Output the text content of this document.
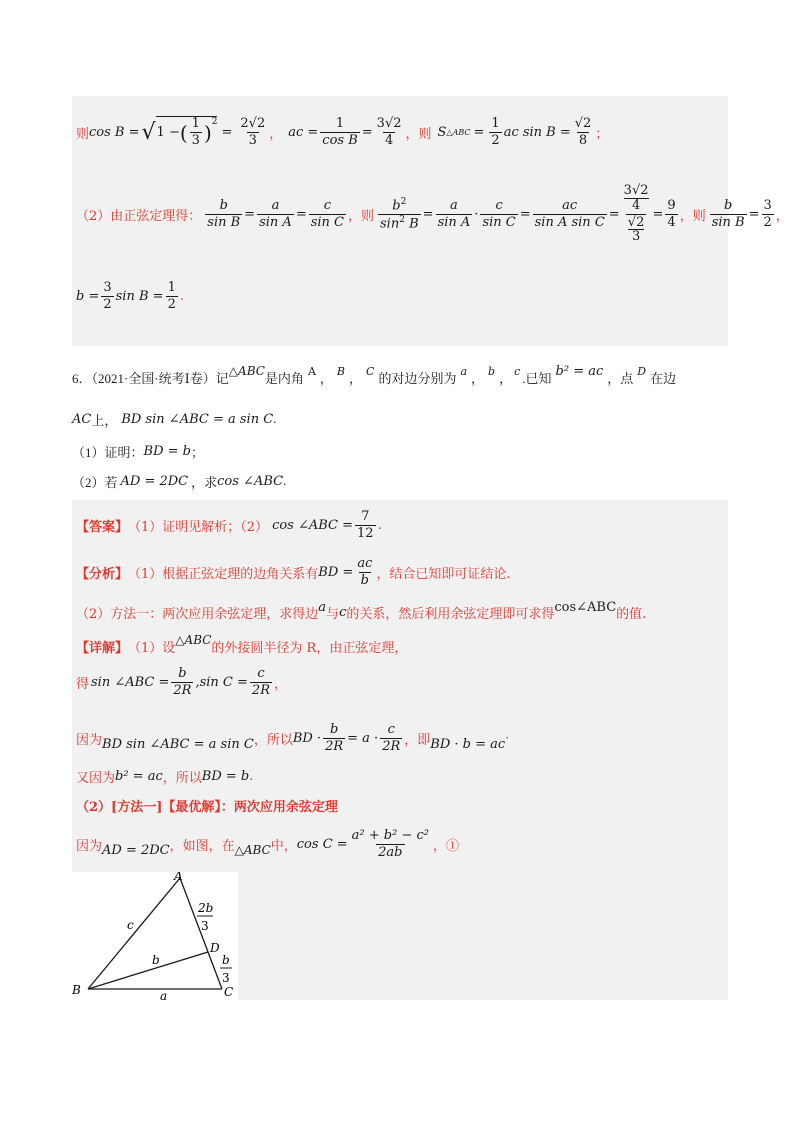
则 cos B = √ 1 − ( $\frac{1}{3}$ ) 2
= $\frac{2√2}{3}$ ， ac = $\frac{1}{\text{cos B}} = \frac{3√2}{4}$ ，则 S △ABC = $\frac{1}{2}$ ac $\sin B = \frac{√2}{8}$ ；
（2）由正弦定理得： $\frac{b}{\text{sin B}} = \frac{a}{\text{sin A}} = \frac{c}{\text{sin C}}$ ，则 $\frac{b^2}{\sin^2 B} = \frac{a}{\text{sin A}} \cdot \frac{c}{\text{sin C}} = \frac{ac}{\text{sin A sin C}} = \frac{\frac{3√2}{4}}{\frac{√2}{3}} = \frac{9}{4}$ ，则 $\frac{b}{\text{sin B}} = \frac{3}{2}$ ，
$b = \frac{3}{2}$ $\sin B = \frac{1}{2}$ .
6．（2021·全国·统考Ⅰ卷）记 △ABC 是内角 A ， B ， C 的对边分别为 a ， b ， c .已知 b² = ac ，点 D 在边
AC 上， BD sin ∠ABC = a sin C .
（1）证明： BD = b ；
（2）若 AD = 2DC ，求 cos ∠ABC .
【答案】 （1）证明见解析；（2） cos ∠ABC = $\frac{7}{12}$ .
【分析】 （1）根据正弦定理的边角关系有 BD = $\frac{ac}{b}$ ，结合已知即可证结论.
（2）方法一：两次应用余弦定理，求得边 a 与 c 的关系，然后利用余弦定理即可求得 cos∠ABC 的值.
【详解】 （1）设
△ABC
的外接圆半径为 R，由正弦定理，
得 sin ∠ABC = $\frac{b}{2R} ,\sin$ $C = \frac{c}{2R}$ ，
因为 BD sin ∠ABC = a sin C ，所以 BD · $\frac{b}{2R} = a \cdot \frac{c}{2R}$ ，即 BD · b = ac ·
又因为 b² = ac ，所以 BD = b .
（2）[方法一]【最优解】：两次应用余弦定理
因为 AD = 2DC ，如图，在 △ABC 中， $\cos C = \frac{\text{a² + b² − c²}}{2ab}$ ，①
A
B	C
D
c
b
a
2b
3
b
3
